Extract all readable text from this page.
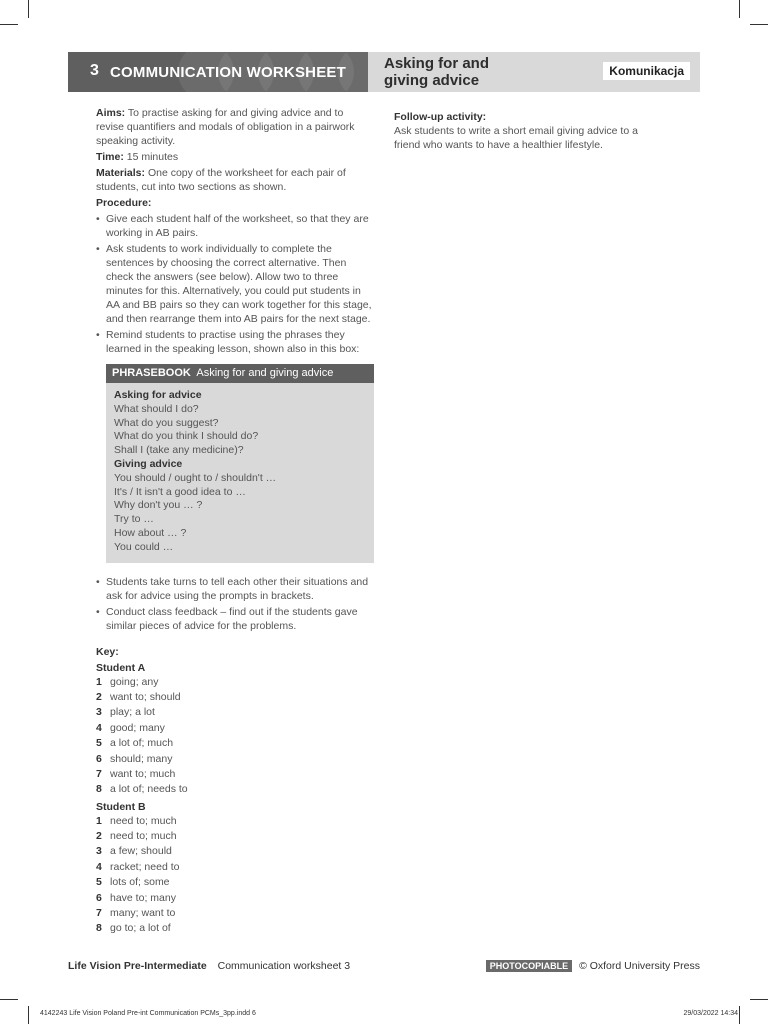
3 COMMUNICATION WORKSHEET
Asking for and giving advice
Komunikacja

Aims: To practise asking for and giving advice and to revise quantifiers and modals of obligation in a pairwork speaking activity.

Time: 15 minutes

Materials: One copy of the worksheet for each pair of students, cut into two sections as shown.

Procedure:
• Give each student half of the worksheet, so that they are working in AB pairs.
• Ask students to work individually to complete the sentences by choosing the correct alternative. Then check the answers (see below). Allow two to three minutes for this. Alternatively, you could put students in AA and BB pairs so they can work together for this stage, and then rearrange them into AB pairs for the next stage.
• Remind students to practise using the phrases they learned in the speaking lesson, shown also in this box:
PHRASEBOOK Asking for and giving advice
Asking for advice
What should I do?
What do you suggest?
What do you think I should do?
Shall I (take any medicine)?
Giving advice
You should / ought to / shouldn't …
It's / It isn't a good idea to …
Why don't you … ?
Try to …
How about … ?
You could …
• Students take turns to tell each other their situations and ask for advice using the prompts in brackets.
• Conduct class feedback – find out if the students gave similar pieces of advice for the problems.
Key:
Student A
1 going; any
2 want to; should
3 play; a lot
4 good; many
5 a lot of; much
6 should; many
7 want to; much
8 a lot of; needs to
Student B
1 need to; much
2 need to; much
3 a few; should
4 racket; need to
5 lots of; some
6 have to; many
7 many; want to
8 go to; a lot of
Follow-up activity:

Ask students to write a short email giving advice to a friend who wants to have a healthier lifestyle.

Life Vision Pre-Intermediate Communication worksheet 3	PHOTOCOPIABLE © Oxford University Press
4142243 Life Vision Poland Pre-int Communication PCMs_3pp.indd 6	29/03/2022 14:34
